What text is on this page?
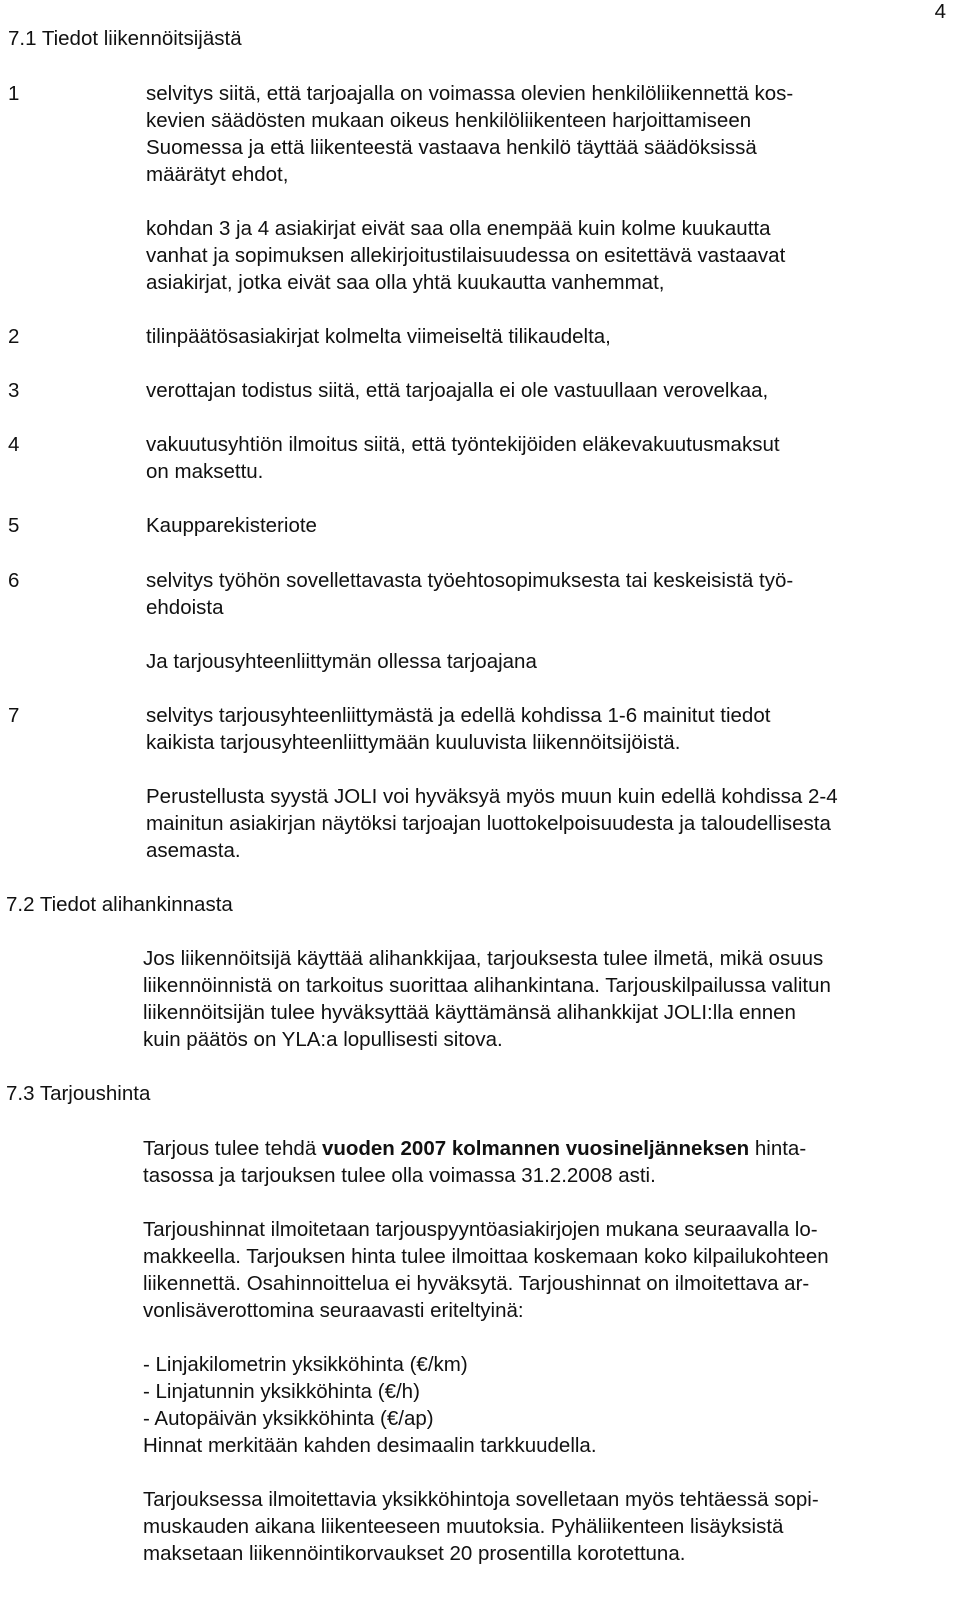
4
7.1 Tiedot liikennöitsijästä
1	selvitys siitä, että tarjoajalla on voimassa olevien henkilöliikennettä kos-
kevien säädösten mukaan oikeus henkilöliikenteen harjoittamiseen
Suomessa ja että liikenteestä vastaava henkilö täyttää säädöksissä
määrätyt ehdot,
kohdan 3 ja 4 asiakirjat eivät saa olla enempää kuin kolme kuukautta
vanhat ja sopimuksen allekirjoitustilaisuudessa on esitettävä vastaavat
asiakirjat, jotka eivät saa olla yhtä kuukautta vanhemmat,
2	tilinpäätösasiakirjat kolmelta viimeiseltä tilikaudelta,
3	verottajan todistus siitä, että tarjoajalla ei ole vastuullaan verovelkaa,
4	vakuutusyhtiön ilmoitus siitä, että työntekijöiden eläkevakuutusmaksut
on maksettu.
5	Kaupparekisteriote
6	selvitys työhön sovellettavasta työehtosopimuksesta tai keskeisistä työ-
ehdoista
Ja tarjousyhteenliittymän ollessa tarjoajana
7	selvitys tarjousyhteenliittymästä ja edellä kohdissa 1-6 mainitut tiedot
kaikista tarjousyhteenliittymään kuuluvista liikennöitsijöistä.
Perustellusta syystä JOLI voi hyväksyä myös muun kuin edellä kohdissa 2-4
mainitun asiakirjan näytöksi tarjoajan luottokelpoisuudesta ja taloudellisesta
asemasta.
7.2 Tiedot alihankinnasta
Jos liikennöitsijä käyttää alihankkijaa, tarjouksesta tulee ilmetä, mikä osuus
liikennöinnistä on tarkoitus suorittaa alihankintana. Tarjouskilpailussa valitun
liikennöitsijän tulee hyväksyttää käyttämänsä alihankkijat JOLI:lla ennen
kuin päätös on YLA:a lopullisesti sitova.
7.3 Tarjoushinta
Tarjous tulee tehdä vuoden 2007 kolmannen vuosineljänneksen hinta-
tasossa ja tarjouksen tulee olla voimassa 31.2.2008 asti.
Tarjoushinnat ilmoitetaan tarjouspyyntöasiakirjojen mukana seuraavalla lo-
makkeella. Tarjouksen hinta tulee ilmoittaa koskemaan koko kilpailukohteen
liikennettä. Osahinnoittelua ei hyväksytä. Tarjoushinnat on ilmoitettava ar-
vonlisäverottomina seuraavasti eriteltyinä:
- Linjakilometrin yksikköhinta (€/km)
- Linjatunnin yksikköhinta (€/h)
- Autopäivän yksikköhinta (€/ap)
Hinnat merkitään kahden desimaalin tarkkuudella.
Tarjouksessa ilmoitettavia yksikköhintoja sovelletaan myös tehtäessä sopi-
muskauden aikana liikenteeseen muutoksia. Pyhäliikenteen lisäyksistä
maksetaan liikennöintikorvaukset 20 prosentilla korotettuna.
